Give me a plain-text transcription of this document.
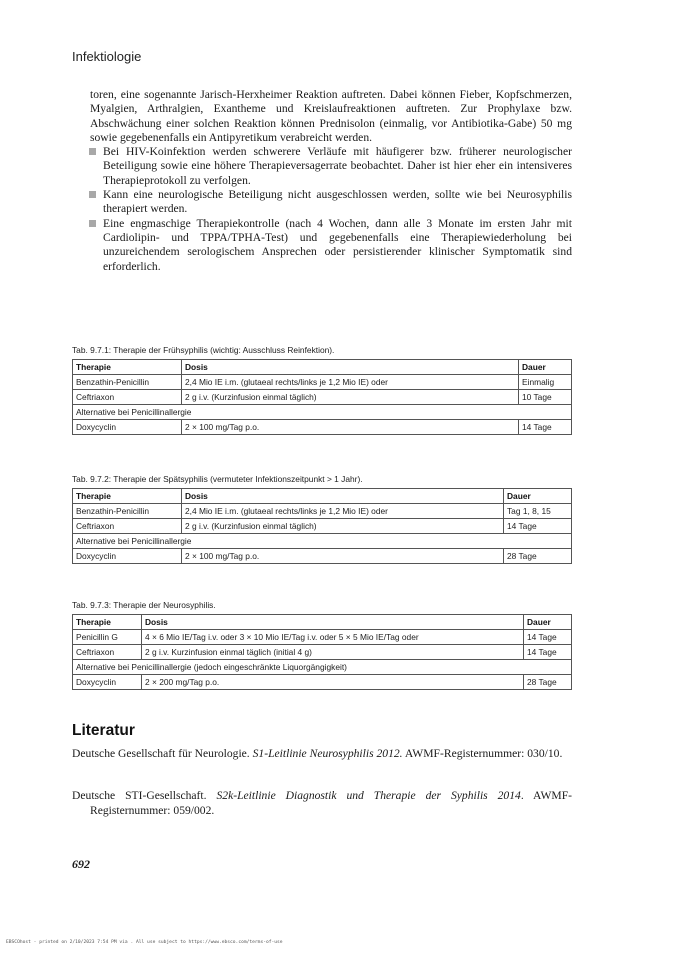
Infektiologie

toren, eine sogenannte Jarisch-Herxheimer Reaktion auftreten. Dabei können Fieber, Kopfschmerzen, Myalgien, Arthralgien, Exantheme und Kreislaufreaktionen auftreten. Zur Prophylaxe bzw. Abschwächung einer solchen Reaktion können Prednisolon (einmalig, vor Antibiotika-Gabe) 50 mg sowie gegebenenfalls ein Antipyretikum verabreicht werden.

Bei HIV-Koinfektion werden schwerere Verläufe mit häufigerer bzw. früherer neurologischer Beteiligung sowie eine höhere Therapieversagerrate beobachtet. Daher ist hier eher ein intensiveres Therapieprotokoll zu verfolgen.
Kann eine neurologische Beteiligung nicht ausgeschlossen werden, sollte wie bei Neurosyphilis therapiert werden.
Eine engmaschige Therapiekontrolle (nach 4 Wochen, dann alle 3 Monate im ersten Jahr mit Cardiolipin- und TPPA/TPHA-Test) und gegebenenfalls eine Therapiewiederholung bei unzureichendem serologischem Ansprechen oder persistierender klinischer Symptomatik sind erforderlich.
Tab. 9.7.1: Therapie der Frühsyphilis (wichtig: Ausschluss Reinfektion).
Therapie	Dosis	Dauer
Benzathin-Penicillin	2,4 Mio IE i.m. (glutaeal rechts/links je 1,2 Mio IE) oder	Einmalig
Ceftriaxon	2 g i.v. (Kurzinfusion einmal täglich)	10 Tage
Alternative bei Penicillinallergie		
Doxycyclin	2 × 100 mg/Tag p.o.	14 Tage
Tab. 9.7.2: Therapie der Spätsyphilis (vermuteter Infektionszeitpunkt > 1 Jahr).
Therapie	Dosis	Dauer
Benzathin-Penicillin	2,4 Mio IE i.m. (glutaeal rechts/links je 1,2 Mio IE) oder	Tag 1, 8, 15
Ceftriaxon	2 g i.v. (Kurzinfusion einmal täglich)	14 Tage
Alternative bei Penicillinallergie		
Doxycyclin	2 × 100 mg/Tag p.o.	28 Tage
Tab. 9.7.3: Therapie der Neurosyphilis.
Therapie	Dosis	Dauer
Penicillin G	4 × 6 Mio IE/Tag i.v. oder 3 × 10 Mio IE/Tag i.v. oder 5 × 5 Mio IE/Tag oder	14 Tage
Ceftriaxon	2 g i.v. Kurzinfusion einmal täglich (initial 4 g)	14 Tage
Alternative bei Penicillinallergie (jedoch eingeschränkte Liquorgängigkeit)		
Doxycyclin	2 × 200 mg/Tag p.o.	28 Tage
Literatur
Deutsche Gesellschaft für Neurologie. S1-Leitlinie Neurosyphilis 2012. AWMF-Registernummer: 030/10.
Deutsche STI-Gesellschaft. S2k-Leitlinie Diagnostik und Therapie der Syphilis 2014. AWMF-Registernummer: 059/002.
692
EBSCOhost - printed on 2/10/2023 7:54 PM via . All use subject to https://www.ebsco.com/terms-of-use
